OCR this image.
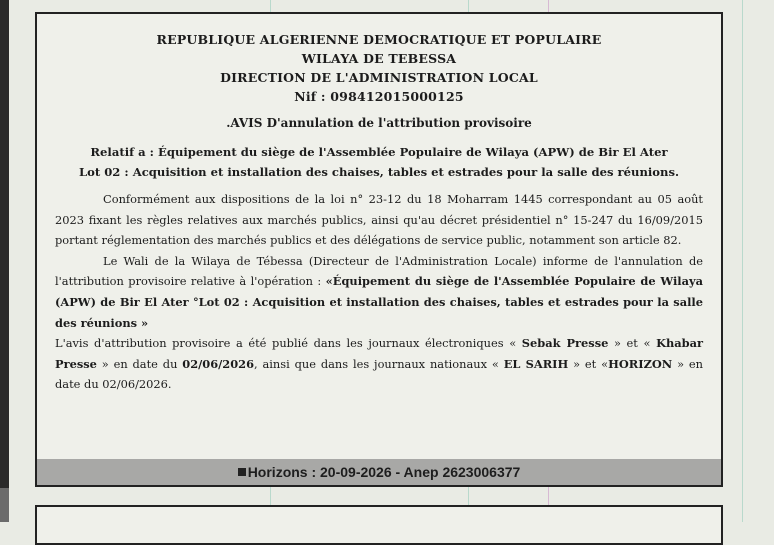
REPUBLIQUE ALGERIENNE DEMOCRATIQUE ET POPULAIRE
WILAYA DE TEBESSA
DIRECTION DE L'ADMINISTRATION LOCAL
Nif : 098412015000125
.AVIS D'annulation de l'attribution provisoire
Relatif a : Équipement du siège de l'Assemblée Populaire de Wilaya (APW) de Bir El Ater
Lot 02 : Acquisition et installation des chaises, tables et estrades pour la salle des réunions.

Conformément aux dispositions de la loi n° 23-12 du 18 Moharram 1445 correspondant au 05 août 2023 fixant les règles relatives aux marchés publics, ainsi qu'au décret présidentiel n° 15-247 du 16/09/2015 portant réglementation des marchés publics et des délégations de service public, notamment son article 82.

Le Wali de la Wilaya de Tébessa (Directeur de l'Administration Locale) informe de l'annulation de l'attribution provisoire relative à l'opération : «Équipement du siège de l'Assemblée Populaire de Wilaya (APW) de Bir El Ater °Lot 02 : Acquisition et installation des chaises, tables et estrades pour la salle des réunions »

L'avis d'attribution provisoire a été publié dans les journaux électroniques « Sebak Presse » et « Khabar Presse » en date du 02/06/2026, ainsi que dans les journaux nationaux « EL SARIH » et «HORIZON » en date du 02/06/2026.

Horizons : 20-09-2026 - Anep 2623006377
